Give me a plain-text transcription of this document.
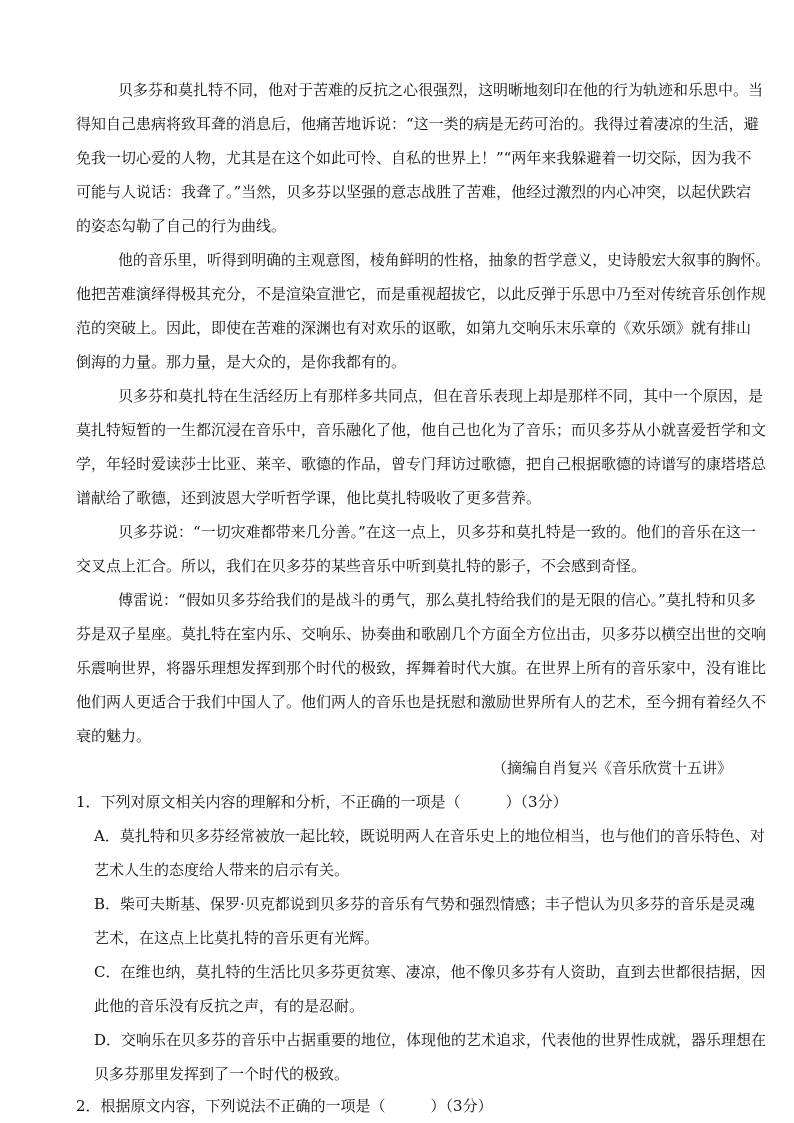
贝多芬和莫扎特不同，他对于苦难的反抗之心很强烈，这明晰地刻印在他的行为轨迹和乐思中。当
得知自己患病将致耳聋的消息后，他痛苦地诉说：“这一类的病是无药可治的。我得过着凄凉的生活，避
免我一切心爱的人物，尤其是在这个如此可怜、自私的世界上！”“两年来我躲避着一切交际，因为我不
可能与人说话：我聋了。”当然，贝多芬以坚强的意志战胜了苦难，他经过激烈的内心冲突，以起伏跌宕
的姿态勾勒了自己的行为曲线。
他的音乐里，听得到明确的主观意图，棱角鲜明的性格，抽象的哲学意义，史诗般宏大叙事的胸怀。
他把苦难演绎得极其充分，不是渲染宣泄它，而是重视超拔它，以此反弹于乐思中乃至对传统音乐创作规
范的突破上。因此，即使在苦难的深渊也有对欢乐的讴歌，如第九交响乐末乐章的《欢乐颂》就有排山
倒海的力量。那力量，是大众的，是你我都有的。
贝多芬和莫扎特在生活经历上有那样多共同点，但在音乐表现上却是那样不同，其中一个原因，是
莫扎特短暂的一生都沉浸在音乐中，音乐融化了他，他自己也化为了音乐；而贝多芬从小就喜爱哲学和文
学，年轻时爱读莎士比亚、莱辛、歌德的作品，曾专门拜访过歌德，把自己根据歌德的诗谱写的康塔塔总
谱献给了歌德，还到波恩大学听哲学课，他比莫扎特吸收了更多营养。
贝多芬说：“一切灾难都带来几分善。”在这一点上，贝多芬和莫扎特是一致的。他们的音乐在这一
交叉点上汇合。所以，我们在贝多芬的某些音乐中听到莫扎特的影子，不会感到奇怪。
傅雷说：“假如贝多芬给我们的是战斗的勇气，那么莫扎特给我们的是无限的信心。”莫扎特和贝多
芬是双子星座。莫扎特在室内乐、交响乐、协奏曲和歌剧几个方面全方位出击，贝多芬以横空出世的交响
乐震响世界，将器乐理想发挥到那个时代的极致，挥舞着时代大旗。在世界上所有的音乐家中，没有谁比
他们两人更适合于我们中国人了。他们两人的音乐也是抚慰和激励世界所有人的艺术，至今拥有着经久不
衰的魅力。
（摘编自肖复兴《音乐欣赏十五讲》
1．下列对原文相关内容的理解和分析，不正确的一项是（　　　）（3分）
A．莫扎特和贝多芬经常被放一起比较，既说明两人在音乐史上的地位相当，也与他们的音乐特色、对
艺术人生的态度给人带来的启示有关。
B．柴可夫斯基、保罗·贝克都说到贝多芬的音乐有气势和强烈情感；丰子恺认为贝多芬的音乐是灵魂
艺术，在这点上比莫扎特的音乐更有光辉。
C．在维也纳，莫扎特的生活比贝多芬更贫寒、凄凉，他不像贝多芬有人资助，直到去世都很拮据，因
此他的音乐没有反抗之声，有的是忍耐。
D．交响乐在贝多芬的音乐中占据重要的地位，体现他的艺术追求，代表他的世界性成就，器乐理想在
贝多芬那里发挥到了一个时代的极致。
2．根据原文内容，下列说法不正确的一项是（　　　）（3分）
